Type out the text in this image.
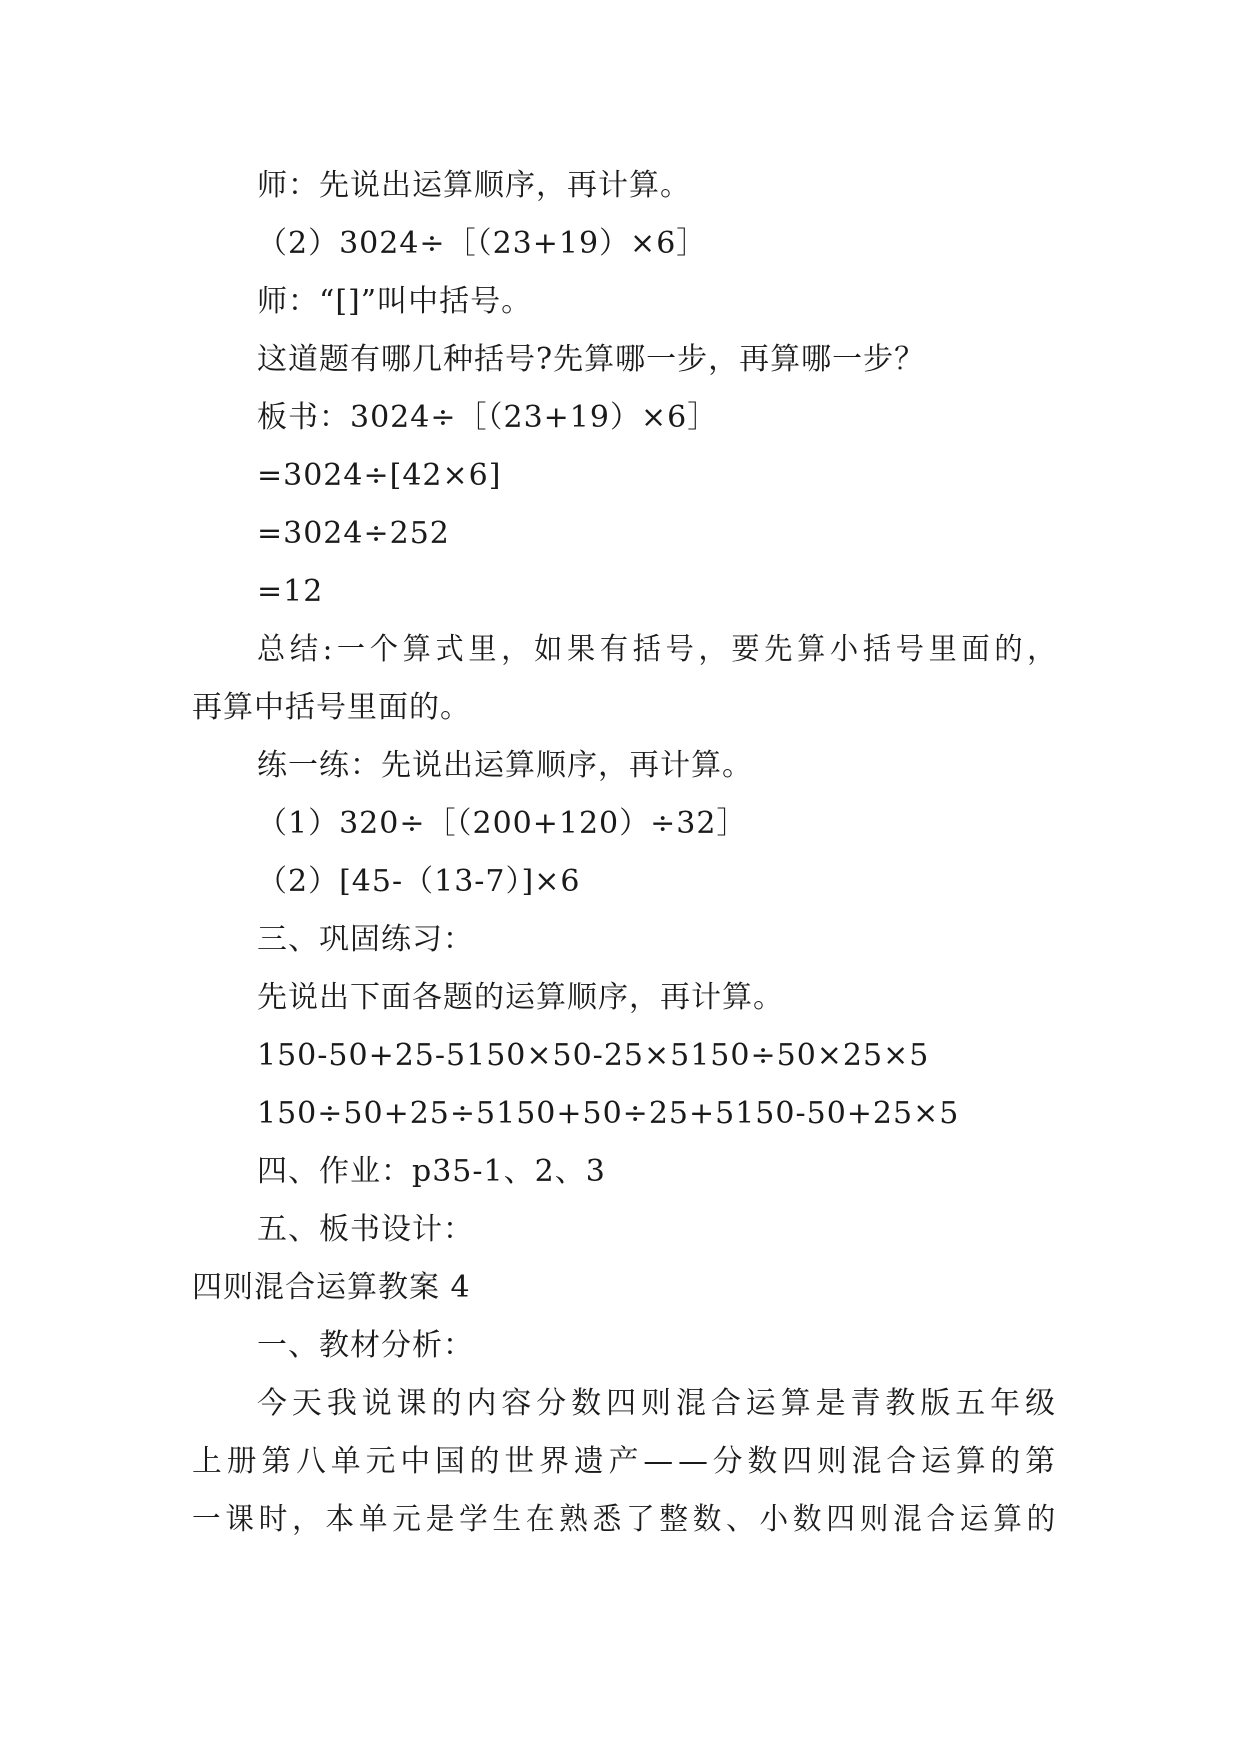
师：先说出运算顺序，再计算。
（2）3024÷［（23+19）×6］
师：“[]”叫中括号。
这道题有哪几种括号?先算哪一步，再算哪一步？
板书：3024÷［（23+19）×6］
=3024÷[42×6]
=3024÷252
=12
总结:一个算式里，如果有括号，要先算小括号里面的，
再算中括号里面的。
练一练：先说出运算顺序，再计算。
（1）320÷［（200+120）÷32］
（2）[45-（13-7）]×6
三、巩固练习：
先说出下面各题的运算顺序，再计算。
150-50+25-5150×50-25×5150÷50×25×5
150÷50+25÷5150+50÷25+5150-50+25×5
四、作业：p35-1、2、3
五、板书设计：
四则混合运算教案 4
一、教材分析：
今天我说课的内容分数四则混合运算是青教版五年级
上册第八单元中国的世界遗产——分数四则混合运算的第
一课时，本单元是学生在熟悉了整数、小数四则混合运算的
